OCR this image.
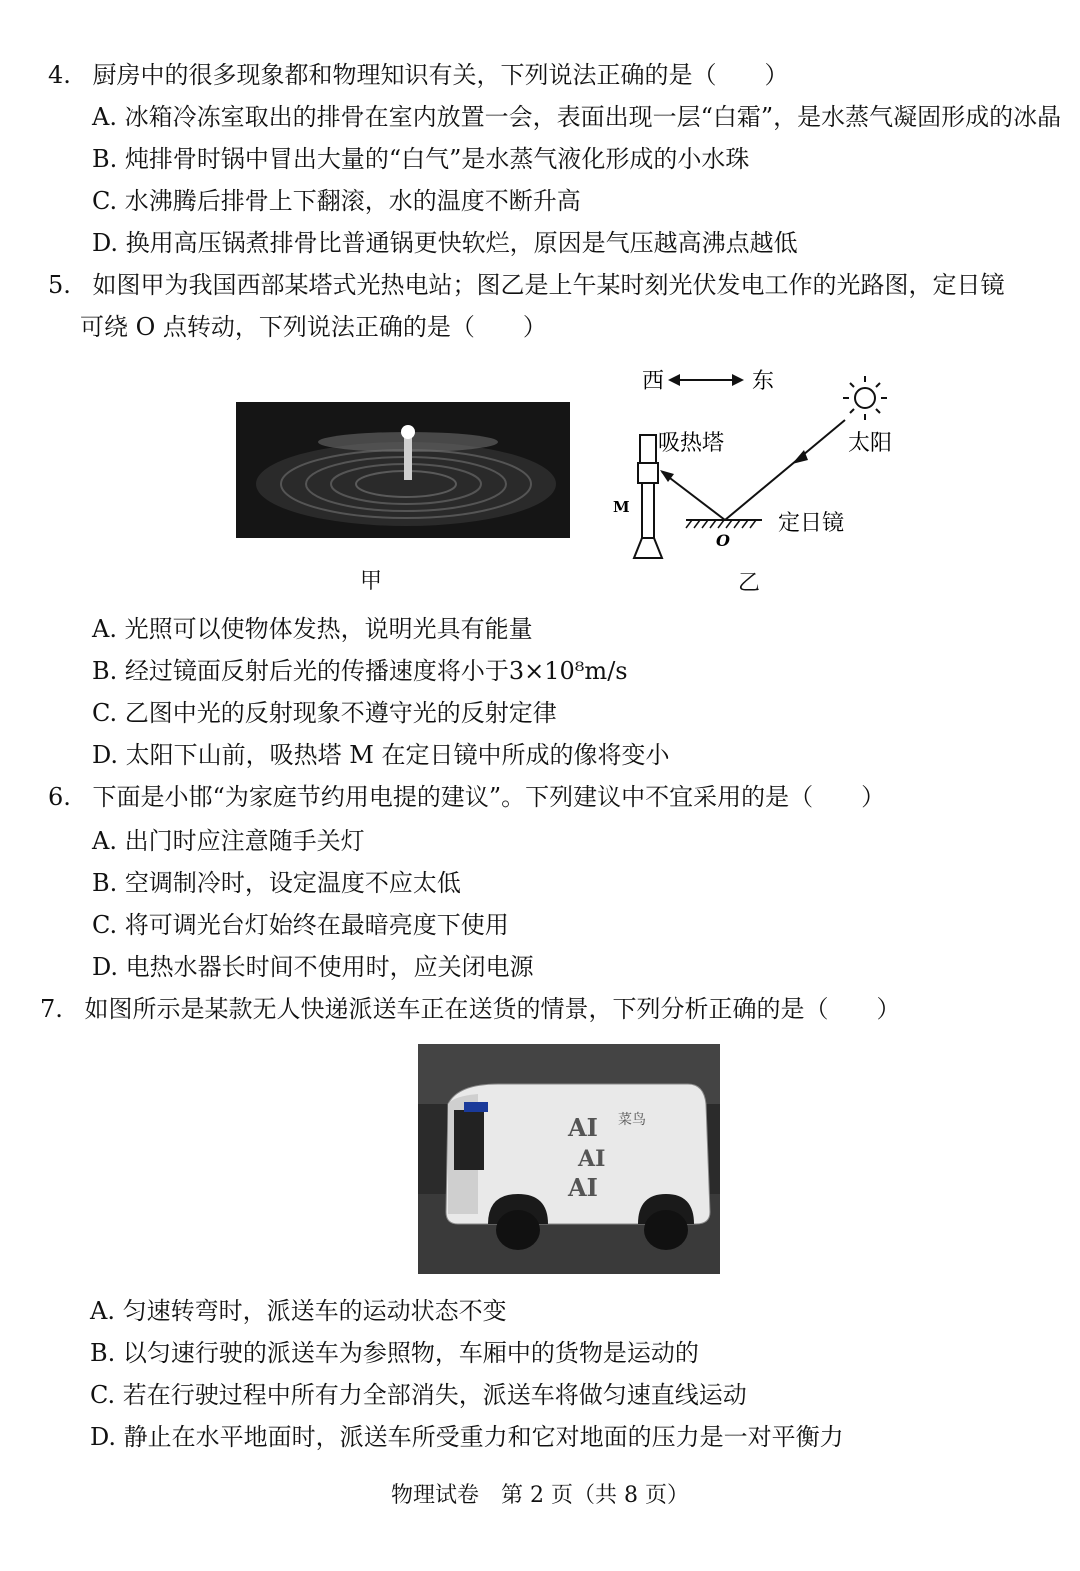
4. 厨房中的很多现象都和物理知识有关，下列说法正确的是（　　）
A. 冰箱冷冻室取出的排骨在室内放置一会，表面出现一层“白霜”，是水蒸气凝固形成的冰晶
B. 炖排骨时锅中冒出大量的“白气”是水蒸气液化形成的小水珠
C. 水沸腾后排骨上下翻滚，水的温度不断升高
D. 换用高压锅煮排骨比普通锅更快软烂，原因是气压越高沸点越低
5. 如图甲为我国西部某塔式光热电站；图乙是上午某时刻光伏发电工作的光路图，定日镜
可绕 O 点转动，下列说法正确的是（　　）
甲
西	东
太阳
吸热塔
M
O
定日镜
乙
A. 光照可以使物体发热，说明光具有能量
B. 经过镜面反射后光的传播速度将小于3×10⁸m/s
C. 乙图中光的反射现象不遵守光的反射定律
D. 太阳下山前，吸热塔 M 在定日镜中所成的像将变小
6. 下面是小邯“为家庭节约用电提的建议”。下列建议中不宜采用的是（　　）
A. 出门时应注意随手关灯
B. 空调制冷时，设定温度不应太低
C. 将可调光台灯始终在最暗亮度下使用
D. 电热水器长时间不使用时，应关闭电源
7. 如图所示是某款无人快递派送车正在送货的情景，下列分析正确的是（　　）
AI
AI
AI
菜鸟
A. 匀速转弯时，派送车的运动状态不变
B. 以匀速行驶的派送车为参照物，车厢中的货物是运动的
C. 若在行驶过程中所有力全部消失，派送车将做匀速直线运动
D. 静止在水平地面时，派送车所受重力和它对地面的压力是一对平衡力
物理试卷　第 2 页（共 8 页）
